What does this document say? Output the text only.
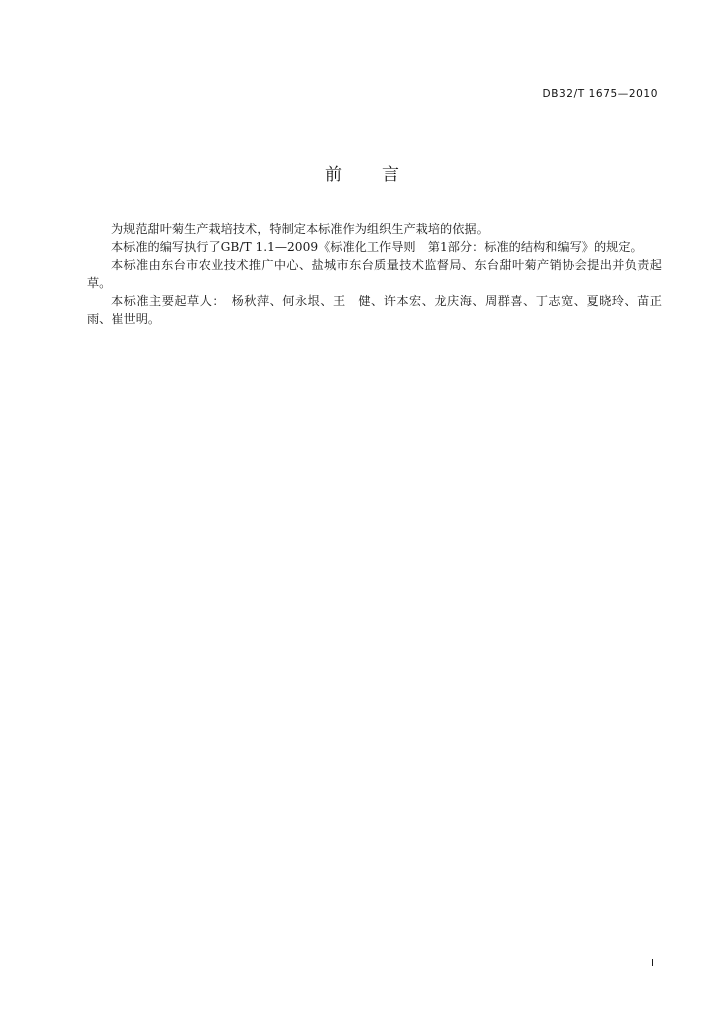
DB32/T 1675—2010
前 言

为规范甜叶菊生产栽培技术，特制定本标准作为组织生产栽培的依据。

本标准的编写执行了GB/T 1.1—2009《标准化工作导则　第1部分：标准的结构和编写》的规定。

本标准由东台市农业技术推广中心、盐城市东台质量技术监督局、东台甜叶菊产销协会提出并负责起草。

本标准主要起草人：　杨秋萍、何永垠、王　健、许本宏、龙庆海、周群喜、丁志宽、夏晓玲、苗正雨、崔世明。

I
